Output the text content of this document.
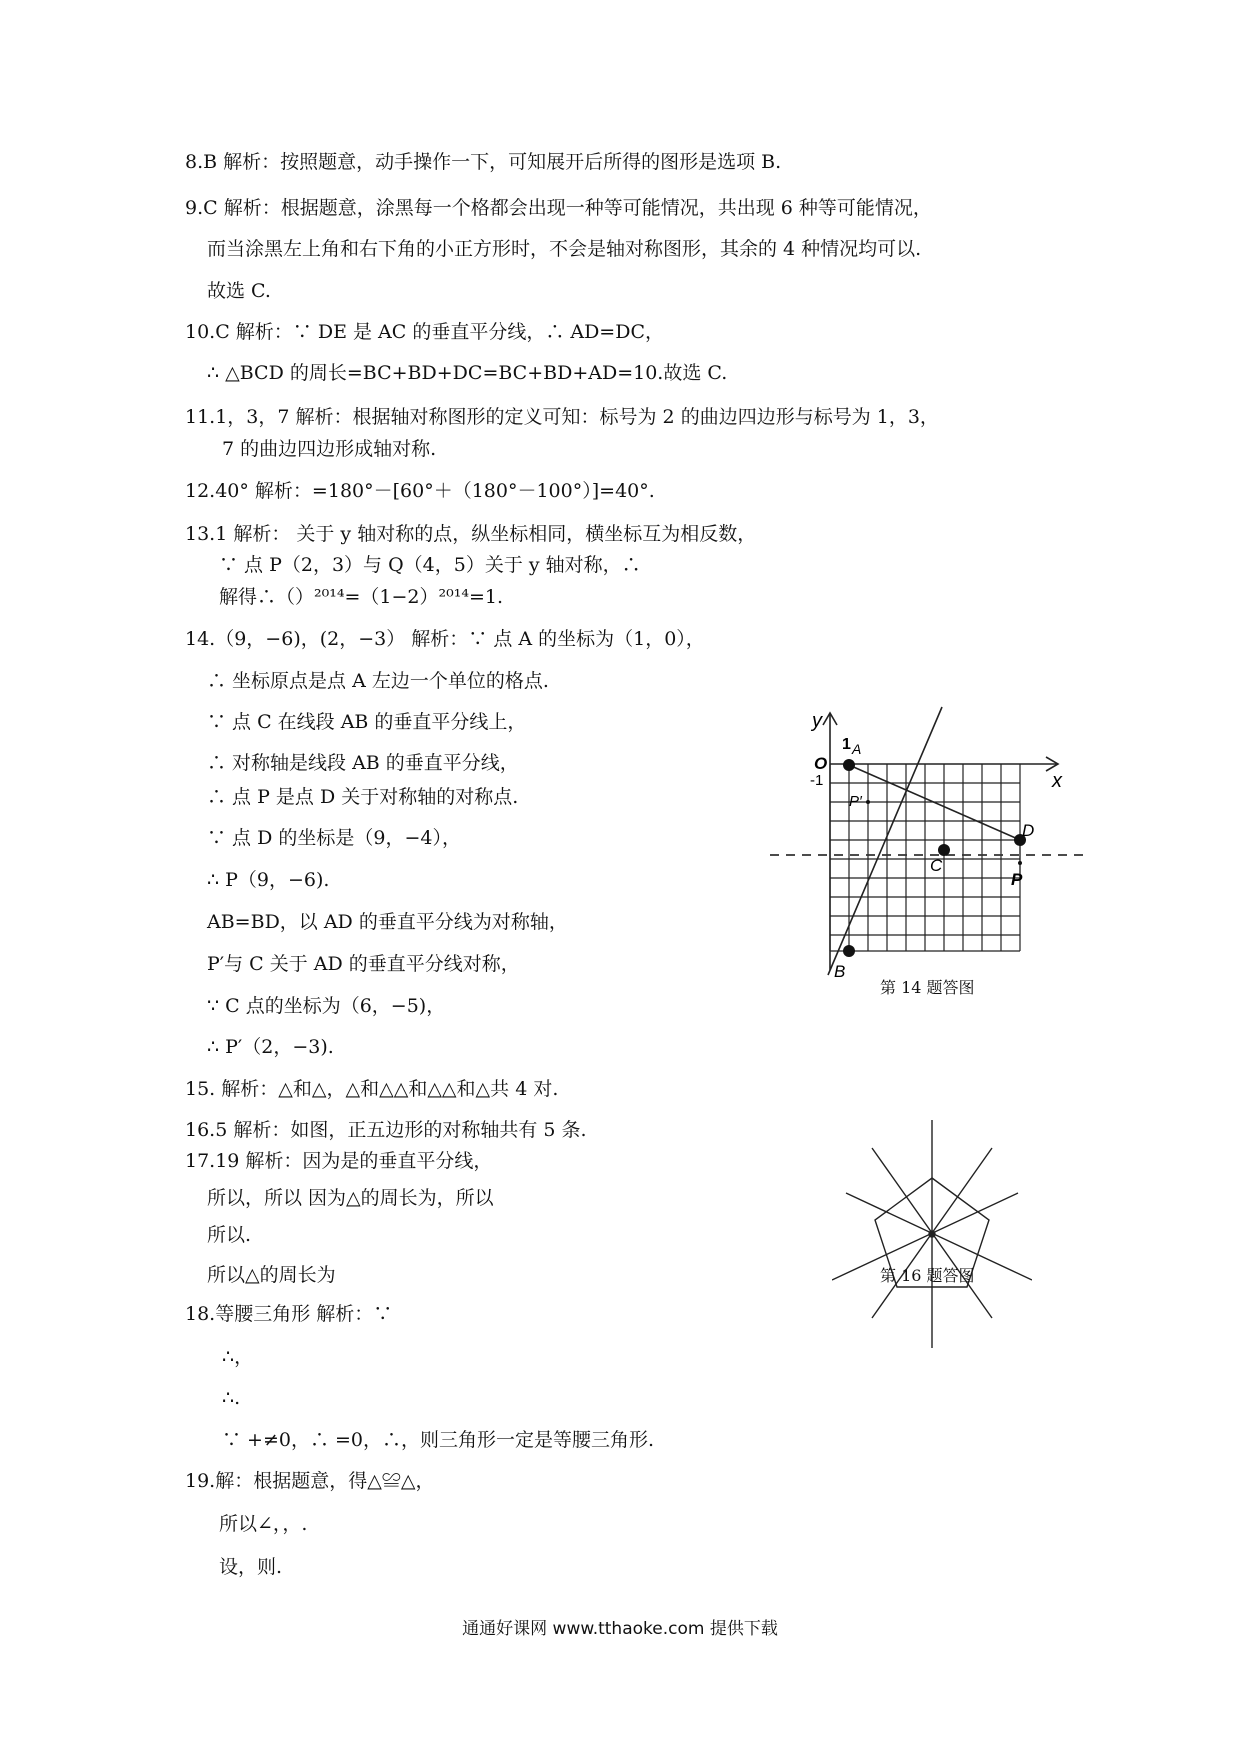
8.B 解析：按照题意，动手操作一下，可知展开后所得的图形是选项 B.
9.C 解析：根据题意，涂黑每一个格都会出现一种等可能情况，共出现 6 种等可能情况，
而当涂黑左上角和右下角的小正方形时，不会是轴对称图形，其余的 4 种情况均可以.
故选 C.
10.C 解析：∵ DE 是 AC 的垂直平分线，∴ AD=DC，
∴ △BCD 的周长=BC+BD+DC=BC+BD+AD=10.故选 C.
11.1，3，7 解析：根据轴对称图形的定义可知：标号为 2 的曲边四边形与标号为 1，3，
7 的曲边四边形成轴对称.
12.40° 解析：=180°－[60°＋（180°－100°）]=40°.
13.1 解析： 关于 y 轴对称的点，纵坐标相同，横坐标互为相反数，
∵ 点 P（2，3）与 Q（4，5）关于 y 轴对称，∴
解得∴（）²⁰¹⁴=（1−2）²⁰¹⁴=1.
14.（9，−6)，(2，−3） 解析：∵ 点 A 的坐标为（1，0），
∴ 坐标原点是点 A 左边一个单位的格点.
∵ 点 C 在线段 AB 的垂直平分线上，
∴ 对称轴是线段 AB 的垂直平分线，
∴ 点 P 是点 D 关于对称轴的对称点.
∵ 点 D 的坐标是（9，−4），
∴ P（9，−6).
AB=BD，以 AD 的垂直平分线为对称轴，
P′与 C 关于 AD 的垂直平分线对称，
∵ C 点的坐标为（6，−5)，
∴ P′（2，−3).
15. 解析：△和△，△和△△和△△和△共 4 对.
16.5 解析：如图，正五边形的对称轴共有 5 条.
17.19 解析：因为是的垂直平分线，
所以，所以 因为△的周长为，所以
所以.
所以△的周长为
18.等腰三角形 解析：∵
∴，
∴.
∵ +≠0，∴ =0，∴，则三角形一定是等腰三角形.
19.解：根据题意，得△≌△，
所以∠，，.
设，则.
y
x
O
1
-1
A
B
C
D
P
P′
第 14 题答图
第 16 题答图
通通好课网 www.tthaoke.com 提供下载
